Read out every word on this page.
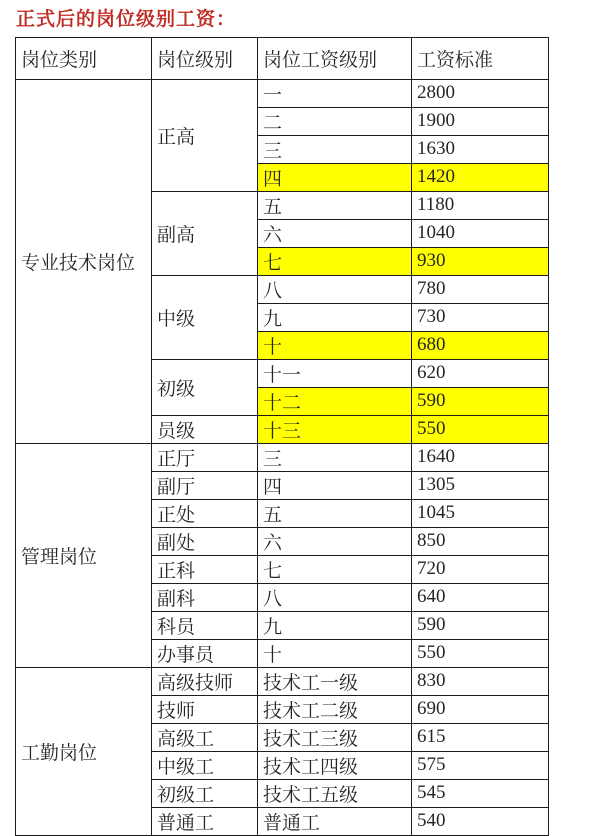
正式后的岗位级别工资：
岗位类别	岗位级别	岗位工资级别	工资标准
专业技术岗位	正高	一	2800
		二	1900
		三	1630
		四	1420
	副高	五	1180
		六	1040
		七	930
	中级	八	780
		九	730
		十	680
	初级	十一	620
		十二	590
	员级	十三	550
管理岗位	正厅	三	1640
	副厅	四	1305
	正处	五	1045
	副处	六	850
	正科	七	720
	副科	八	640
	科员	九	590
	办事员	十	550
工勤岗位	高级技师	技术工一级	830
	技师	技术工二级	690
	高级工	技术工三级	615
	中级工	技术工四级	575
	初级工	技术工五级	545
	普通工	普通工	540
